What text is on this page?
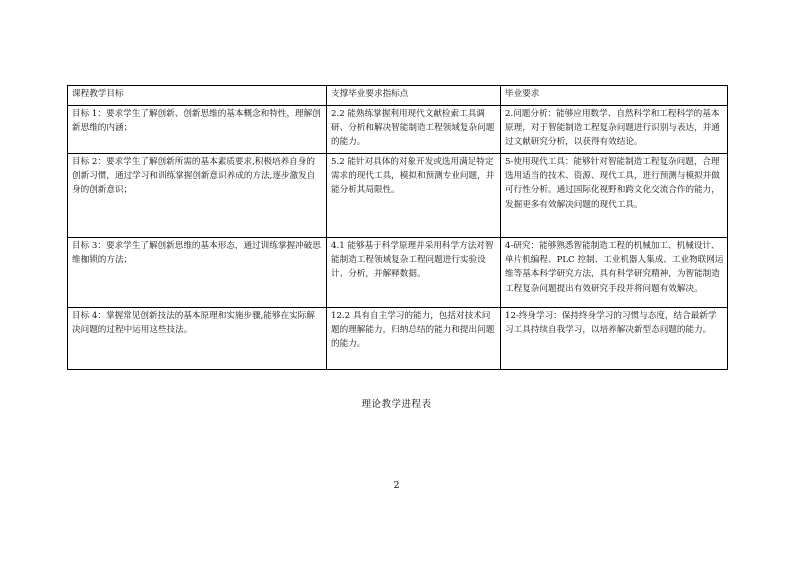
课程教学目标	支撑毕业要求指标点	毕业要求
目标 1：要求学生了解创新、创新思维的基本概念和特性，理解创新思维的内涵；	2.2 能熟练掌握利用现代文献检索工具调研、分析和解决智能制造工程领域复杂问题的能力。	2.问题分析：能够应用数学、自然科学和工程科学的基本原理，对于智能制造工程复杂问题进行识别与表达，并通过文献研究分析，以获得有效结论。
目标 2：要求学生了解创新所需的基本素质要求,积极培养自身的创新习惯，通过学习和训练掌握创新意识养成的方法,逐步激发自身的创新意识；	5.2 能针对具体的对象开发或选用满足特定需求的现代工具，模拟和预测专业问题，并能分析其局限性。	5-使用现代工具：能够针对智能制造工程复杂问题，合理选用适当的技术、资源、现代工具，进行预测与模拟并做可行性分析。通过国际化视野和跨文化交流合作的能力，发掘更多有效解决问题的现代工具。
目标 3：要求学生了解创新思维的基本形态，通过训练掌握冲破思维枷锁的方法；	4.1 能够基于科学原理并采用科学方法对智能制造工程领域复杂工程问题进行实验设计、分析，并解释数据。	4-研究：能够熟悉智能制造工程的机械加工、机械设计、单片机编程、PLC 控制、工业机器人集成、工业物联网运维等基本科学研究方法，具有科学研究精神，为智能制造工程复杂问题提出有效研究手段并将问题有效解决。
目标 4：掌握常见创新技法的基本原理和实施步骤,能够在实际解决问题的过程中运用这些技法。	12.2 具有自主学习的能力，包括对技术问题的理解能力，归纳总结的能力和提出问题的能力。	12-终身学习：保持终身学习的习惯与态度，结合最新学习工具持续自我学习，以培养解决新型态问题的能力。
理论教学进程表
2
